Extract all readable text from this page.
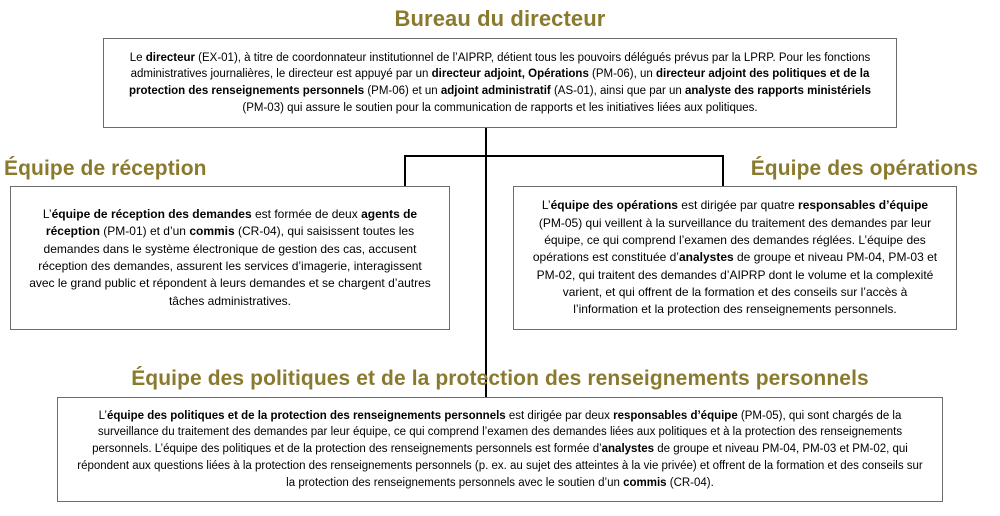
Bureau du directeur

Le directeur (EX-01), à titre de coordonnateur institutionnel de l’AIPRP, détient tous les pouvoirs délégués prévus par la LPRP. Pour les fonctions administratives journalières, le directeur est appuyé par un directeur adjoint, Opérations (PM-06), un directeur adjoint des politiques et de la protection des renseignements personnels (PM-06) et un adjoint administratif (AS-01), ainsi que par un analyste des rapports ministériels (PM-03) qui assure le soutien pour la communication de rapports et les initiatives liées aux politiques.

Équipe de réception

L’équipe de réception des demandes est formée de deux agents de réception (PM-01) et d’un commis (CR-04), qui saisissent toutes les demandes dans le système électronique de gestion des cas, accusent réception des demandes, assurent les services d’imagerie, interagissent avec le grand public et répondent à leurs demandes et se chargent d’autres tâches administratives.

Équipe des opérations

L’équipe des opérations est dirigée par quatre responsables d’équipe (PM-05) qui veillent à la surveillance du traitement des demandes par leur équipe, ce qui comprend l’examen des demandes réglées. L’équipe des opérations est constituée d’analystes de groupe et niveau PM-04, PM-03 et PM-02, qui traitent des demandes d’AIPRP dont le volume et la complexité varient, et qui offrent de la formation et des conseils sur l’accès à l’information et la protection des renseignements personnels.

Équipe des politiques et de la protection des renseignements personnels

L’équipe des politiques et de la protection des renseignements personnels est dirigée par deux responsables d’équipe (PM-05), qui sont chargés de la surveillance du traitement des demandes par leur équipe, ce qui comprend l’examen des demandes liées aux politiques et à la protection des renseignements personnels. L’équipe des politiques et de la protection des renseignements personnels est formée d’analystes de groupe et niveau PM-04, PM-03 et PM-02, qui répondent aux questions liées à la protection des renseignements personnels (p. ex. au sujet des atteintes à la vie privée) et offrent de la formation et des conseils sur la protection des renseignements personnels avec le soutien d’un commis (CR-04).
